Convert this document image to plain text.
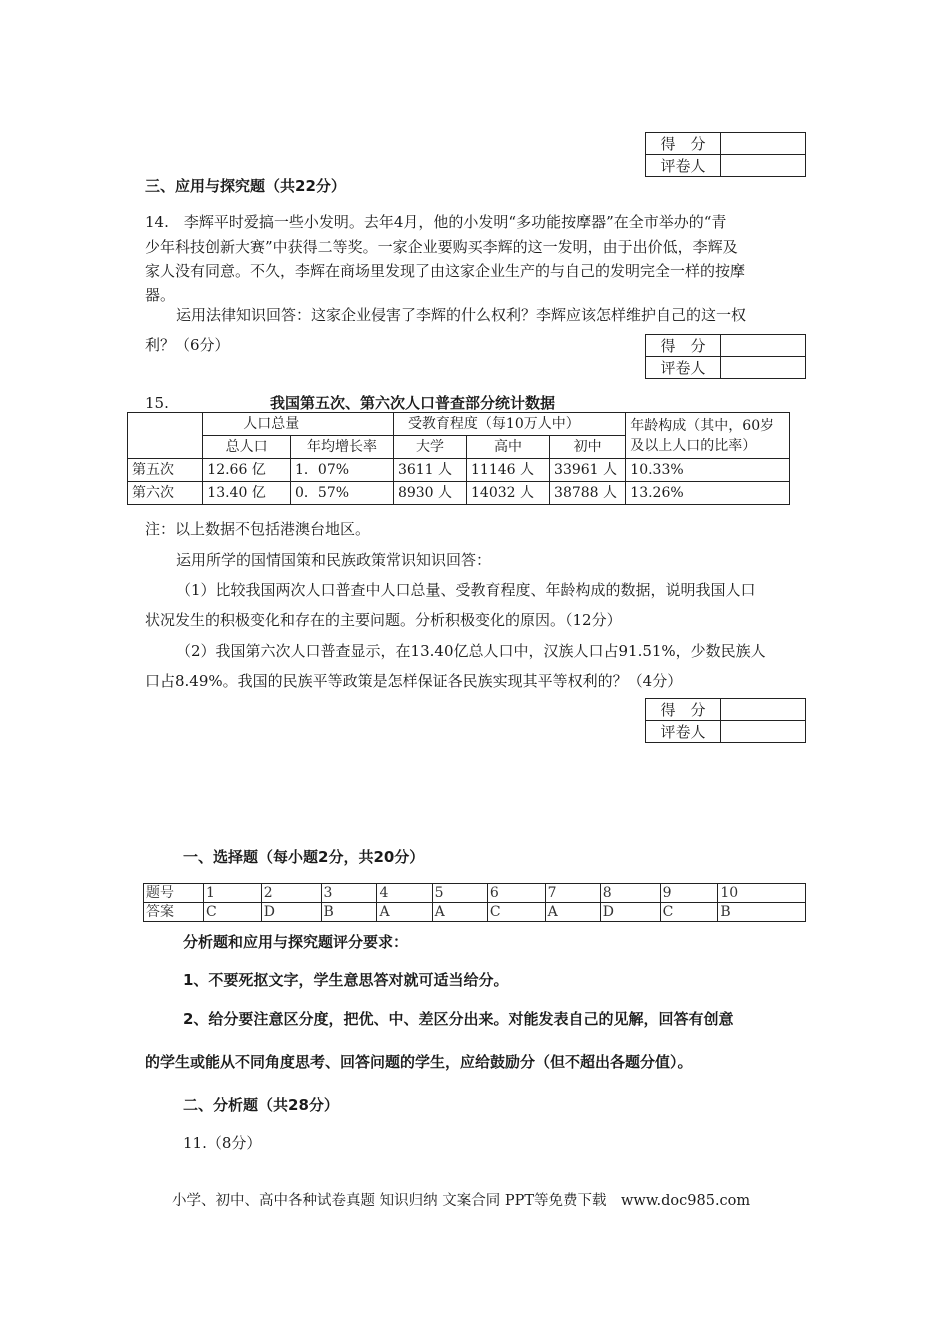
得　分	
评卷人	
三、应用与探究题（共22分）
14.　李辉平时爱搞一些小发明。去年4月，他的小发明“多功能按摩器”在全市举办的“青
少年科技创新大赛”中获得二等奖。一家企业要购买李辉的这一发明，由于出价低，李辉及
家人没有同意。不久，李辉在商场里发现了由这家企业生产的与自己的发明完全一样的按摩
器。
运用法律知识回答：这家企业侵害了李辉的什么权利？李辉应该怎样维护自己的这一权
利？（6分）	得　分	
评卷人	
15.	我国第五次、第六次人口普查部分统计数据
	人口总量		受教育程度（每10万人中）			年龄构成（其中，60岁及以上人口的比率）
	总人口	年均增长率	大学	高中	初中	
第五次	12.66 亿	1．07%	3611 人	11146 人	33961 人	10.33%
第六次	13.40 亿	0．57%	8930 人	14032 人	38788 人	13.26%
注：以上数据不包括港澳台地区。
运用所学的国情国策和民族政策常识知识回答：
（1）比较我国两次人口普查中人口总量、受教育程度、年龄构成的数据，说明我国人口
状况发生的积极变化和存在的主要问题。分析积极变化的原因。（12分）
（2）我国第六次人口普查显示，在13.40亿总人口中，汉族人口占91.51%，少数民族人
口占8.49%。我国的民族平等政策是怎样保证各民族实现其平等权利的？（4分）
得　分	
评卷人	
一、选择题（每小题2分，共20分）
题号	1	2	3	4	5	6	7	8	9	10
答案	C	D	B	A	A	C	A	D	C	B
分析题和应用与探究题评分要求：
1、不要死抠文字，学生意思答对就可适当给分。
2、给分要注意区分度，把优、中、差区分出来。对能发表自己的见解，回答有创意
的学生或能从不同角度思考、回答问题的学生，应给鼓励分（但不超出各题分值）。
二、分析题（共28分）
11.（8分）
小学、初中、高中各种试卷真题 知识归纳 文案合同 PPT等免费下载　www.doc985.com
